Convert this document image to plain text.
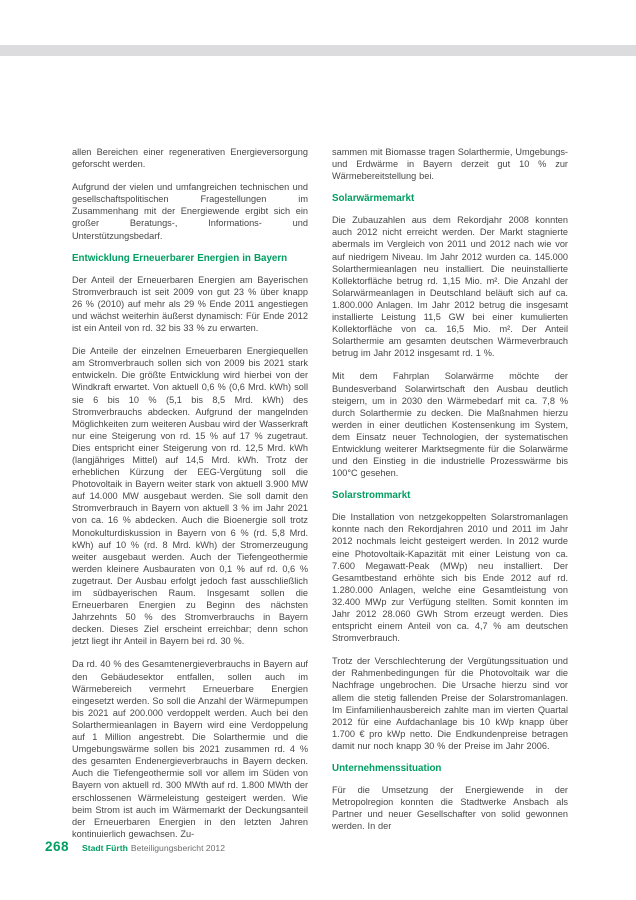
allen Bereichen einer regenerativen Energieversorgung geforscht werden.

Aufgrund der vielen und umfangreichen technischen und gesellschaftspolitischen Fragestellungen im Zusammenhang mit der Energiewende ergibt sich ein großer Beratungs-, Informations- und Unterstützungsbedarf.

Entwicklung Erneuerbarer Energien in Bayern

Der Anteil der Erneuerbaren Energien am Bayerischen Stromverbrauch ist seit 2009 von gut 23 % über knapp 26 % (2010) auf mehr als 29 % Ende 2011 angestiegen und wächst weiterhin äußerst dynamisch: Für Ende 2012 ist ein Anteil von rd. 32 bis 33 % zu erwarten.

Die Anteile der einzelnen Erneuerbaren Energiequellen am Stromverbrauch sollen sich von 2009 bis 2021 stark entwickeln. Die größte Entwicklung wird hierbei von der Windkraft erwartet. Von aktuell 0,6 % (0,6 Mrd. kWh) soll sie 6 bis 10 % (5,1 bis 8,5 Mrd. kWh) des Stromverbrauchs abdecken. Aufgrund der mangelnden Möglichkeiten zum weiteren Ausbau wird der Wasserkraft nur eine Steigerung von rd. 15 % auf 17 % zugetraut. Dies entspricht einer Steigerung von rd. 12,5 Mrd. kWh (langjähriges Mittel) auf 14,5 Mrd. kWh. Trotz der erheblichen Kürzung der EEG-Vergütung soll die Photovoltaik in Bayern weiter stark von aktuell 3.900 MW auf 14.000 MW ausgebaut werden. Sie soll damit den Stromverbrauch in Bayern von aktuell 3 % im Jahr 2021 von ca. 16 % abdecken. Auch die Bioenergie soll trotz Monokulturdiskussion in Bayern von 6 % (rd. 5,8 Mrd. kWh) auf 10 % (rd. 8 Mrd. kWh) der Stromerzeugung weiter ausgebaut werden. Auch der Tiefengeothermie werden kleinere Ausbauraten von 0,1 % auf rd. 0,6 % zugetraut. Der Ausbau erfolgt jedoch fast ausschließlich im südbayerischen Raum. Insgesamt sollen die Erneuerbaren Energien zu Beginn des nächsten Jahrzehnts 50 % des Stromverbrauchs in Bayern decken. Dieses Ziel erscheint erreichbar; denn schon jetzt liegt ihr Anteil in Bayern bei rd. 30 %.

Da rd. 40 % des Gesamtenergieverbrauchs in Bayern auf den Gebäudesektor entfallen, sollen auch im Wärmebereich vermehrt Erneuerbare Energien eingesetzt werden. So soll die Anzahl der Wärmepumpen bis 2021 auf 200.000 verdoppelt werden. Auch bei den Solarthermieanlagen in Bayern wird eine Verdoppelung auf 1 Million angestrebt. Die Solarthermie und die Umgebungswärme sollen bis 2021 zusammen rd. 4 % des gesamten Endenergieverbrauchs in Bayern decken. Auch die Tiefengeothermie soll vor allem im Süden von Bayern von aktuell rd. 300 MWth auf rd. 1.800 MWth der erschlossenen Wärmeleistung gesteigert werden. Wie beim Strom ist auch im Wärmemarkt der Deckungsanteil der Erneuerbaren Energien in den letzten Jahren kontinuierlich gewachsen. Zu-

sammen mit Biomasse tragen Solarthermie, Umgebungs- und Erdwärme in Bayern derzeit gut 10 % zur Wärmebereitstellung bei.

Solarwärmemarkt

Die Zubauzahlen aus dem Rekordjahr 2008 konnten auch 2012 nicht erreicht werden. Der Markt stagnierte abermals im Vergleich von 2011 und 2012 nach wie vor auf niedrigem Niveau. Im Jahr 2012 wurden ca. 145.000 Solarthermieanlagen neu installiert. Die neuinstallierte Kollektorfläche betrug rd. 1,15 Mio. m². Die Anzahl der Solarwärmeanlagen in Deutschland beläuft sich auf ca. 1.800.000 Anlagen. Im Jahr 2012 betrug die insgesamt installierte Leistung 11,5 GW bei einer kumulierten Kollektorfläche von ca. 16,5 Mio. m². Der Anteil Solarthermie am gesamten deutschen Wärmeverbrauch betrug im Jahr 2012 insgesamt rd. 1 %.

Mit dem Fahrplan Solarwärme möchte der Bundesverband Solarwirtschaft den Ausbau deutlich steigern, um in 2030 den Wärmebedarf mit ca. 7,8 % durch Solarthermie zu decken. Die Maßnahmen hierzu werden in einer deutlichen Kostensenkung im System, dem Einsatz neuer Technologien, der systematischen Entwicklung weiterer Marktsegmente für die Solarwärme und den Einstieg in die industrielle Prozesswärme bis 100°C gesehen.

Solarstrommarkt

Die Installation von netzgekoppelten Solarstromanlagen konnte nach den Rekordjahren 2010 und 2011 im Jahr 2012 nochmals leicht gesteigert werden. In 2012 wurde eine Photovoltaik-Kapazität mit einer Leistung von ca. 7.600 Megawatt-Peak (MWp) neu installiert. Der Gesamtbestand erhöhte sich bis Ende 2012 auf rd. 1.280.000 Anlagen, welche eine Gesamtleistung von 32.400 MWp zur Verfügung stellten. Somit konnten im Jahr 2012 28.060 GWh Strom erzeugt werden. Dies entspricht einem Anteil von ca. 4,7 % am deutschen Stromverbrauch.

Trotz der Verschlechterung der Vergütungssituation und der Rahmenbedingungen für die Photovoltaik war die Nachfrage ungebrochen. Die Ursache hierzu sind vor allem die stetig fallenden Preise der Solarstromanlagen. Im Einfamilienhausbereich zahlte man im vierten Quartal 2012 für eine Aufdachanlage bis 10 kWp knapp über 1.700 € pro kWp netto. Die Endkundenpreise betragen damit nur noch knapp 30 % der Preise im Jahr 2006.

Unternehmenssituation

Für die Umsetzung der Energiewende in der Metropolregion konnten die Stadtwerke Ansbach als Partner und neuer Gesellschafter von solid gewonnen werden. In der

268 Stadt Fürth Beteiligungsbericht 2012
